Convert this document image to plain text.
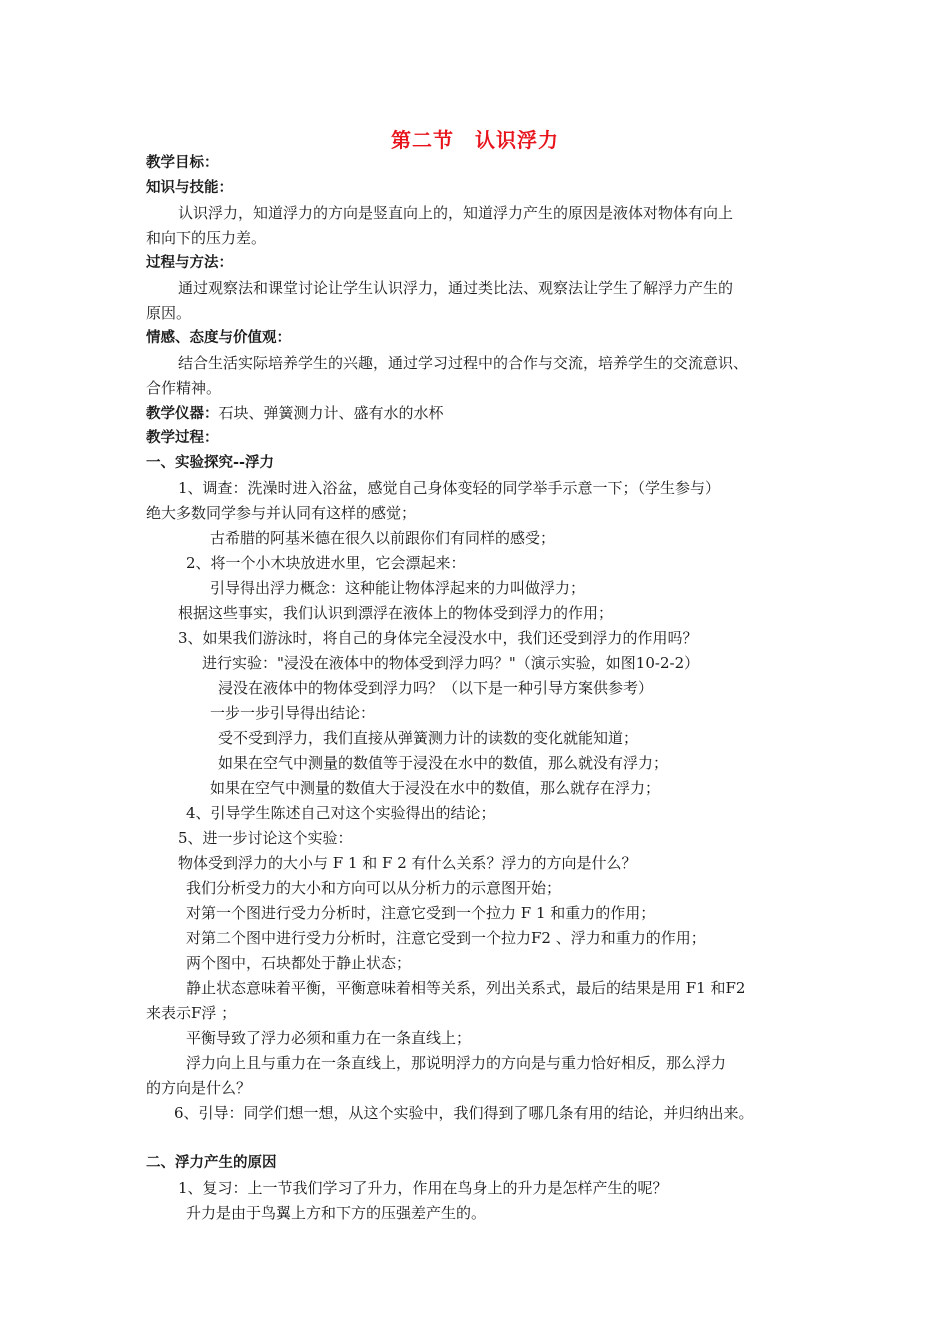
第二节　认识浮力
教学目标：
知识与技能：
认识浮力，知道浮力的方向是竖直向上的，知道浮力产生的原因是液体对物体有向上
和向下的压力差。
过程与方法：
通过观察法和课堂讨论让学生认识浮力，通过类比法、观察法让学生了解浮力产生的
原因。
情感、态度与价值观：
结合生活实际培养学生的兴趣，通过学习过程中的合作与交流，培养学生的交流意识、
合作精神。
教学仪器：石块、弹簧测力计、盛有水的水杯
教学过程：
一、实验探究--浮力
1、调查：洗澡时进入浴盆，感觉自己身体变轻的同学举手示意一下；（学生参与）
绝大多数同学参与并认同有这样的感觉；
古希腊的阿基米德在很久以前跟你们有同样的感受；
2、将一个小木块放进水里，它会漂起来：
引导得出浮力概念：这种能让物体浮起来的力叫做浮力；
根据这些事实，我们认识到漂浮在液体上的物体受到浮力的作用；
3、如果我们游泳时，将自己的身体完全浸没水中，我们还受到浮力的作用吗？
进行实验："浸没在液体中的物体受到浮力吗？"（演示实验，如图10-2-2）
浸没在液体中的物体受到浮力吗？（以下是一种引导方案供参考）
一步一步引导得出结论：
受不受到浮力，我们直接从弹簧测力计的读数的变化就能知道；
如果在空气中测量的数值等于浸没在水中的数值，那么就没有浮力；
如果在空气中测量的数值大于浸没在水中的数值，那么就存在浮力；
4、引导学生陈述自己对这个实验得出的结论；
5、进一步讨论这个实验：
物体受到浮力的大小与 F 1 和 F 2 有什么关系？浮力的方向是什么？
我们分析受力的大小和方向可以从分析力的示意图开始；
对第一个图进行受力分析时，注意它受到一个拉力 F 1 和重力的作用；
对第二个图中进行受力分析时，注意它受到一个拉力F2 、浮力和重力的作用；
两个图中，石块都处于静止状态；
静止状态意味着平衡，平衡意味着相等关系，列出关系式，最后的结果是用 F1 和F2
来表示F浮 ；
平衡导致了浮力必须和重力在一条直线上；
浮力向上且与重力在一条直线上，那说明浮力的方向是与重力恰好相反，那么浮力
的方向是什么？
6、引导：同学们想一想，从这个实验中，我们得到了哪几条有用的结论，并归纳出来。
二、浮力产生的原因
1、复习：上一节我们学习了升力，作用在鸟身上的升力是怎样产生的呢？
升力是由于鸟翼上方和下方的压强差产生的。
